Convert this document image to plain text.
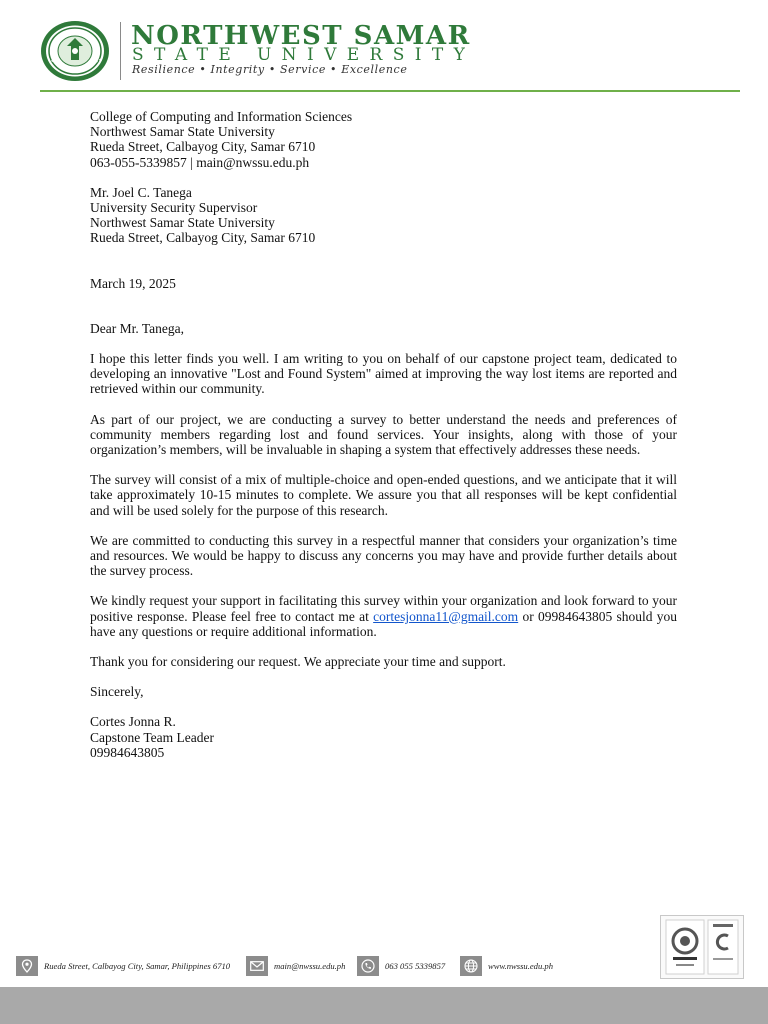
NORTHWEST SAMAR
STATE UNIVERSITY
Resilience • Integrity • Service • Excellence
College of Computing and Information Sciences
Northwest Samar State University
Rueda Street, Calbayog City, Samar 6710
063-055-5339857 | main@nwssu.edu.ph
Mr. Joel C. Tanega
University Security Supervisor
Northwest Samar State University
Rueda Street, Calbayog City, Samar 6710
March 19, 2025
Dear Mr. Tanega,

I hope this letter finds you well. I am writing to you on behalf of our capstone project team, dedicated to developing an innovative "Lost and Found System" aimed at improving the way lost items are reported and retrieved within our community.

As part of our project, we are conducting a survey to better understand the needs and preferences of community members regarding lost and found services. Your insights, along with those of your organization’s members, will be invaluable in shaping a system that effectively addresses these needs.

The survey will consist of a mix of multiple-choice and open-ended questions, and we anticipate that it will take approximately 10-15 minutes to complete. We assure you that all responses will be kept confidential and will be used solely for the purpose of this research.

We are committed to conducting this survey in a respectful manner that considers your organization’s time and resources. We would be happy to discuss any concerns you may have and provide further details about the survey process.

We kindly request your support in facilitating this survey within your organization and look forward to your positive response. Please feel free to contact me at cortesjonna11@gmail.com or 09984643805 should you have any questions or require additional information.

Thank you for considering our request. We appreciate your time and support.

Sincerely,
Cortes Jonna R.
Capstone Team Leader
09984643805
Rueda Street, Calbayog City, Samar, Philippines 6710	main@nwssu.edu.ph	063 055 5339857	www.nwssu.edu.ph
